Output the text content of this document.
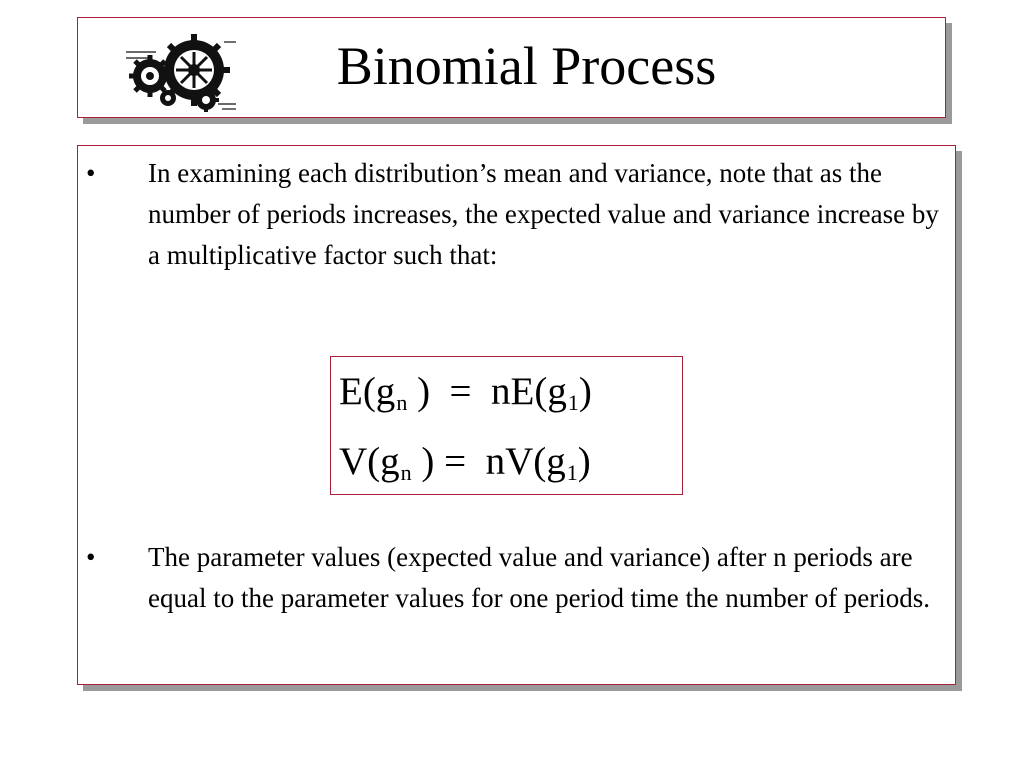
Binomial Process
• In examining each distribution’s mean and variance, note that as the number of periods increases, the expected value and variance increase by a multiplicative factor such that:
$E(g_n$ )  =  $nE(g_1)$
$V(g_n$ ) =  $nV(g_1)$
• The parameter values (expected value and variance) after n periods are equal to the parameter values for one period time the number of periods.
